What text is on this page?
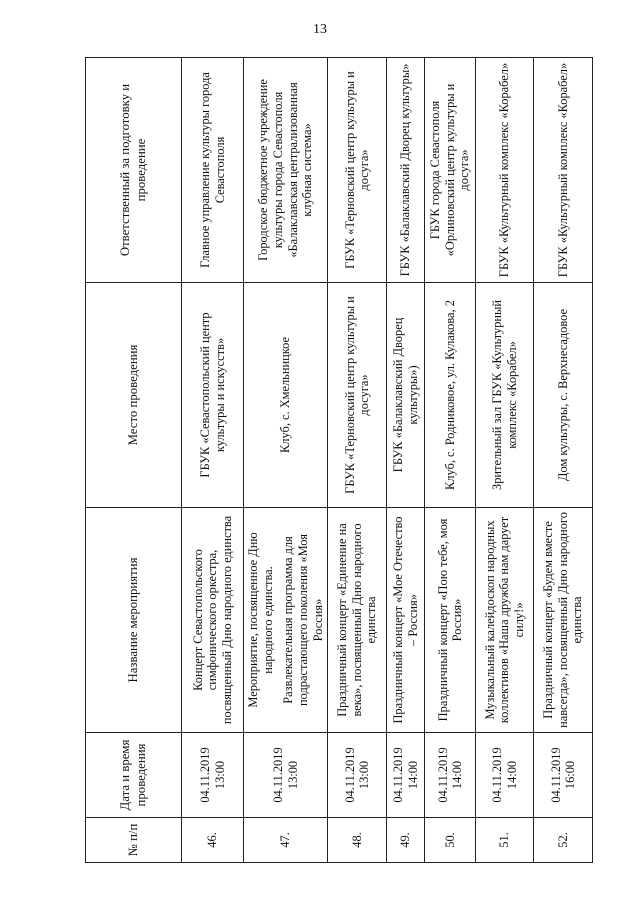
13
№ п/п	Дата и время проведения	Название мероприятия	Место проведения	Ответственный за подготовку и проведение
46.	04.11.2019 13:00	Концерт Севастопольского симфонического оркестра, посвященный Дню народного единства	ГБУК «Севастопольский центр культуры и искусств»	Главное управление культуры города Севастополя
47.	04.11.2019 13:00	Мероприятие, посвященное Дню народного единства. Развлекательная программа для подрастающего поколения «Моя Россия»	Клуб, с. Хмельницкое	Городское бюджетное учреждение культуры города Севастополя «Балаклавская централизованная клубная система»
48.	04.11.2019 13:00	Праздничный концерт «Единение на века», посвященный Дню народного единства	ГБУК «Терновский центр культуры и досуга»	ГБУК «Терновский центр культуры и досуга»
49.	04.11.2019 14:00	Праздничный концерт «Мое Отечество – Россия»	ГБУК «Балаклавский Дворец культуры»)	ГБУК «Балаклавский Дворец культуры»
50.	04.11.2019 14:00	Праздничный концерт «Пою тебе, моя Россия»	Клуб, с. Родниковое, ул. Кулакова, 2	ГБУК города Севастополя «Орлиновский центр культуры и досуга»
51.	04.11.2019 14:00	Музыкальный калейдоскоп народных коллективов «Наша дружба нам дарует силу!»	Зрительный зал ГБУК «Культурный комплекс «Корабел»	ГБУК «Культурный комплекс «Корабел»
52.	04.11.2019 16:00	Праздничный концерт «Будем вместе навсегда», посвященный Дню народного единства	Дом культуры, с. Верхнесадовое	ГБУК «Культурный комплекс «Корабел»
